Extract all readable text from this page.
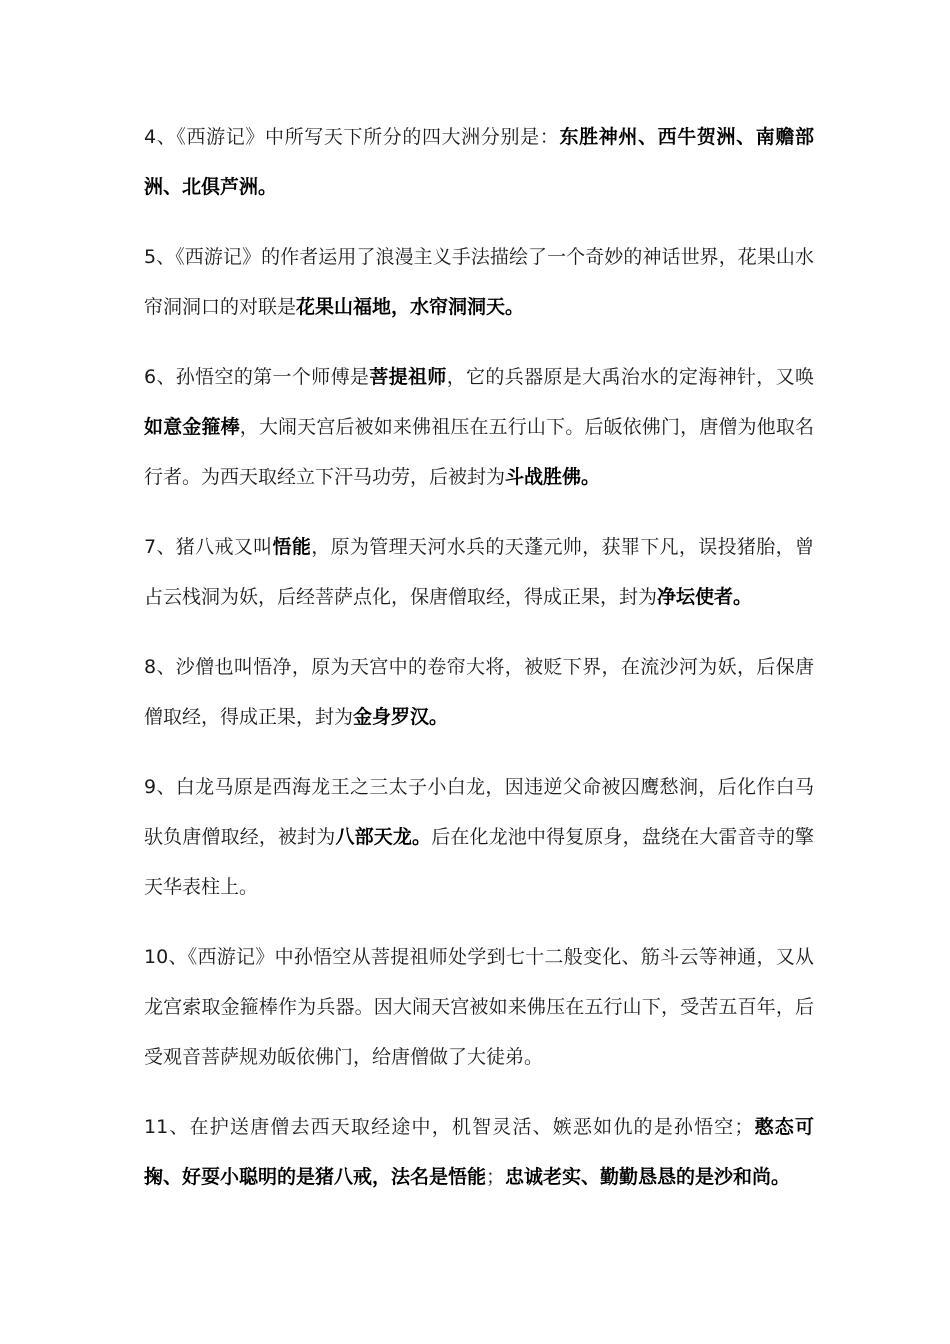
4、《西游记》中所写天下所分的四大洲分别是：东胜神州、西牛贺洲、南赡部洲、北俱芦洲。

5、《西游记》的作者运用了浪漫主义手法描绘了一个奇妙的神话世界，花果山水帘洞洞口的对联是花果山福地，水帘洞洞天。

6、孙悟空的第一个师傅是菩提祖师，它的兵器原是大禹治水的定海神针，又唤如意金箍棒，大闹天宫后被如来佛祖压在五行山下。后皈依佛门，唐僧为他取名行者。为西天取经立下汗马功劳，后被封为斗战胜佛。

7、猪八戒又叫悟能，原为管理天河水兵的天蓬元帅，获罪下凡，误投猪胎，曾占云栈洞为妖，后经菩萨点化，保唐僧取经，得成正果，封为净坛使者。

8、沙僧也叫悟净，原为天宫中的卷帘大将，被贬下界，在流沙河为妖，后保唐僧取经，得成正果，封为金身罗汉。

9、白龙马原是西海龙王之三太子小白龙，因违逆父命被囚鹰愁涧，后化作白马驮负唐僧取经，被封为八部天龙。后在化龙池中得复原身，盘绕在大雷音寺的擎天华表柱上。

10、《西游记》中孙悟空从菩提祖师处学到七十二般变化、筋斗云等神通，又从龙宫索取金箍棒作为兵器。因大闹天宫被如来佛压在五行山下，受苦五百年，后受观音菩萨规劝皈依佛门，给唐僧做了大徒弟。

11、在护送唐僧去西天取经途中，机智灵活、嫉恶如仇的是孙悟空；憨态可掬、好耍小聪明的是猪八戒，法名是悟能；忠诚老实、勤勤恳恳的是沙和尚。
